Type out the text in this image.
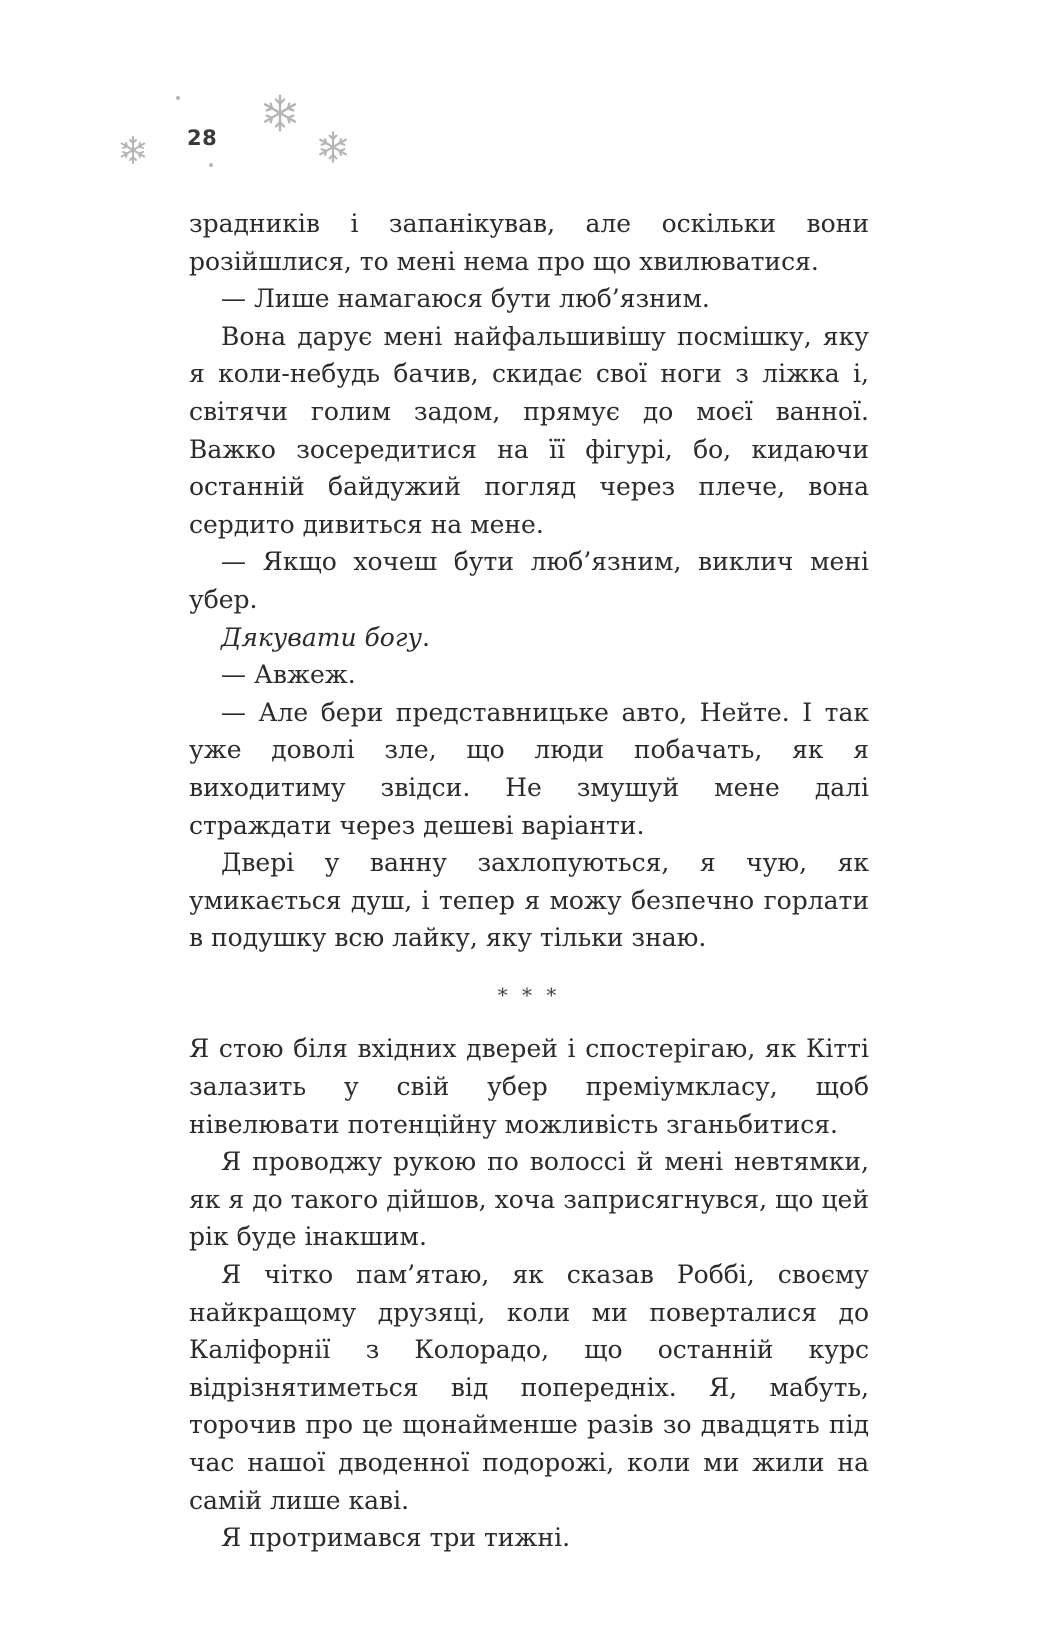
28

зрадників і запанікував, але оскільки вони розійшлися, то мені нема про що хвилюватися.

— Лише намагаюся бути люб’язним.

Вона дарує мені найфальшивішу посмішку, яку я коли-небудь бачив, скидає свої ноги з ліжка і, світячи голим задом, прямує до моєї ванної. Важко зосередитися на її фігурі, бо, кидаючи останній байдужий погляд через плече, вона сердито дивиться на мене.

— Якщо хочеш бути люб’язним, виклич мені убер.

Дякувати богу.

— Авжеж.

— Але бери представницьке авто, Нейте. І так уже доволі зле, що люди побачать, як я виходитиму звідси. Не змушуй мене далі страждати через дешеві варіанти.

Двері у ванну захлопуються, я чую, як умикається душ, і тепер я можу безпечно горлати в подушку всю лайку, яку тільки знаю.

* * *

Я стою біля вхідних дверей і спостерігаю, як Кітті залазить у свій убер преміумкласу, щоб нівелювати потенційну можливість зганьбитися.

Я проводжу рукою по волоссі й мені невтямки, як я до такого дійшов, хоча заприсягнувся, що цей рік буде інакшим.

Я чітко пам’ятаю, як сказав Роббі, своєму найкращому друзяці, коли ми поверталися до Каліфорнії з Колорадо, що останній курс відрізнятиметься від попередніх. Я, мабуть, торочив про це щонайменше разів зо двадцять під час нашої дводенної подорожі, коли ми жили на самій лише каві.

Я протримався три тижні.
